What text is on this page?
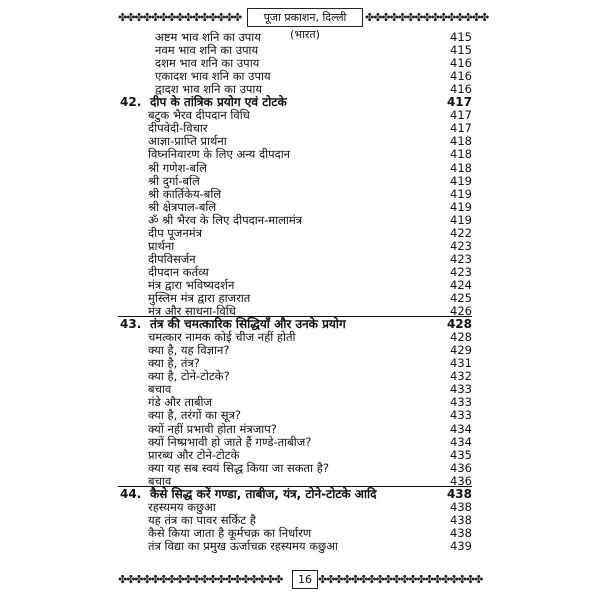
✤✤✤✤✤✤✤✤✤✤✤✤✤✤✤	पूजा प्रकाशन, दिल्ली (भारत)
✤✤✤✤✤✤✤✤✤✤✤✤✤✤✤
अष्टम भाव शनि का उपाय	415
नवम भाव शनि का उपाय	415
दशम भाव शनि का उपाय	416
एकादश भाव शनि का उपाय	416
द्वादश भाव शनि का उपाय	416
42. दीप के तांत्रिक प्रयोग एवं टोटके	417
बटुक भैरव दीपदान विधि	417
दीपवेदी-विचार	417
आज्ञा-प्राप्ति प्रार्थना	418
विघ्ननिवारण के लिए अन्य दीपदान	418
श्री गणेश-बलि	418
श्री दुर्गा-बलि	419
श्री कार्तिकेय-बलि	419
श्री क्षेत्रपाल-बलि	419
ॐ श्री भैरव के लिए दीपदान-मालामंत्र	419
दीप पूजनमंत्र	422
प्रार्थना	423
दीपविसर्जन	423
दीपदान कर्तव्य	423
मंत्र द्वारा भविष्यदर्शन	424
मुस्लिम मंत्र द्वारा हाजरात	425
मंत्र और साधना-विधि	426
43. तंत्र की चमत्कारिक सिद्धियाँ और उनके प्रयोग	428
चमत्कार नामक कोई चीज नहीं होती	428
क्या है, यह विज्ञान?	429
क्या है, तंत्र?	431
क्या है, टोने-टोटके?	432
बचाव	433
गंडे और ताबीज	433
क्या है, तरंगों का सूत्र?	433
क्यों नहीं प्रभावी होता मंत्रजाप?	434
क्यों निष्प्रभावी हो जाते हैं गण्डे-ताबीज?	434
प्रारब्ध और टोने-टोटके	435
क्या यह सब स्वयं सिद्ध किया जा सकता है?	436
बचाव	436
44. कैसे सिद्ध करें गण्डा, ताबीज, यंत्र, टोने-टोटके आदि	438
रहस्यमय कछुआ	438
यह तंत्र का पावर सर्किट है	438
कैसे किया जाता है कूर्मचक्र का निर्धारण	438
तंत्र विद्या का प्रमुख ऊर्जाचक्र रहस्यमय कछुआ	439
✤✤✤✤✤✤✤✤✤✤✤✤✤✤✤✤✤✤✤✤	16 ✤✤✤✤✤✤✤✤✤✤✤✤✤✤✤✤✤✤✤✤
